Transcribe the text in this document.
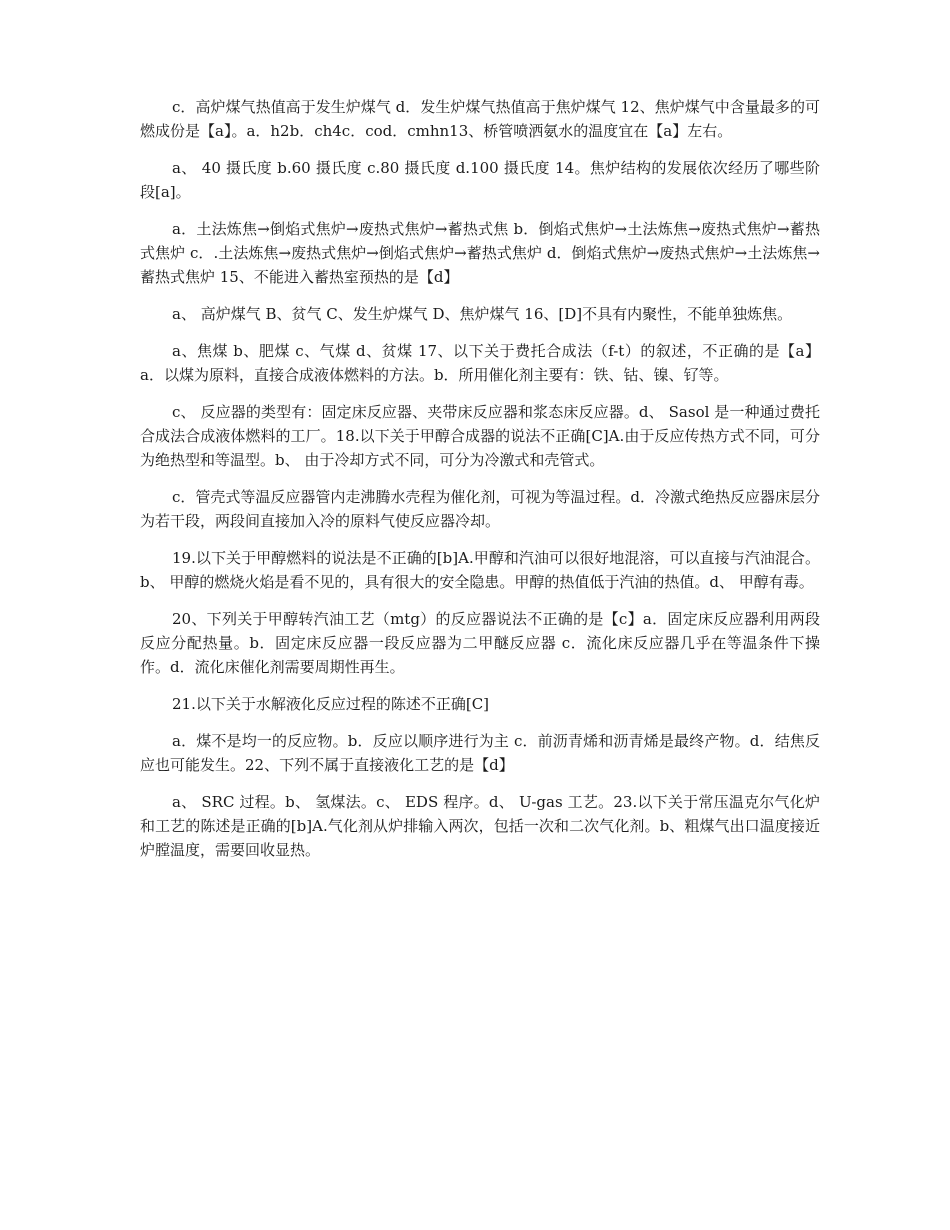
c．高炉煤气热值高于发生炉煤气 d．发生炉煤气热值高于焦炉煤气 12、焦炉煤气中含量最多的可燃成份是【a】。a．h2b．ch4c．cod．cmhn13、桥管喷洒氨水的温度宜在【a】左右。

a、 40 摄氏度 b.60 摄氏度 c.80 摄氏度 d.100 摄氏度 14。焦炉结构的发展依次经历了哪些阶段[a]。

a．土法炼焦→倒焰式焦炉→废热式焦炉→蓄热式焦 b．倒焰式焦炉→土法炼焦→废热式焦炉→蓄热式焦炉 c．.土法炼焦→废热式焦炉→倒焰式焦炉→蓄热式焦炉 d．倒焰式焦炉→废热式焦炉→土法炼焦→蓄热式焦炉 15、不能进入蓄热室预热的是【d】

a、 高炉煤气 B、贫气 C、发生炉煤气 D、焦炉煤气 16、[D]不具有内聚性，不能单独炼焦。

a、焦煤 b、肥煤 c、气煤 d、贫煤 17、以下关于费托合成法（f-t）的叙述，不正确的是【a】a．以煤为原料，直接合成液体燃料的方法。b．所用催化剂主要有：铁、钴、镍、钌等。

c、 反应器的类型有：固定床反应器、夹带床反应器和浆态床反应器。d、 Sasol 是一种通过费托合成法合成液体燃料的工厂。18.以下关于甲醇合成器的说法不正确[C]A.由于反应传热方式不同，可分为绝热型和等温型。b、 由于冷却方式不同，可分为冷激式和壳管式。

c．管壳式等温反应器管内走沸腾水壳程为催化剂，可视为等温过程。d．冷激式绝热反应器床层分为若干段，两段间直接加入冷的原料气使反应器冷却。

19.以下关于甲醇燃料的说法是不正确的[b]A.甲醇和汽油可以很好地混溶，可以直接与汽油混合。b、 甲醇的燃烧火焰是看不见的，具有很大的安全隐患。甲醇的热值低于汽油的热值。d、 甲醇有毒。

20、下列关于甲醇转汽油工艺（mtg）的反应器说法不正确的是【c】a．固定床反应器利用两段反应分配热量。b．固定床反应器一段反应器为二甲醚反应器 c．流化床反应器几乎在等温条件下操作。d．流化床催化剂需要周期性再生。

21.以下关于水解液化反应过程的陈述不正确[C]

a．煤不是均一的反应物。b．反应以顺序进行为主 c．前沥青烯和沥青烯是最终产物。d．结焦反应也可能发生。22、下列不属于直接液化工艺的是【d】

a、 SRC 过程。b、 氢煤法。c、 EDS 程序。d、 U-gas 工艺。23.以下关于常压温克尔气化炉和工艺的陈述是正确的[b]A.气化剂从炉排输入两次，包括一次和二次气化剂。b、粗煤气出口温度接近炉膛温度，需要回收显热。
